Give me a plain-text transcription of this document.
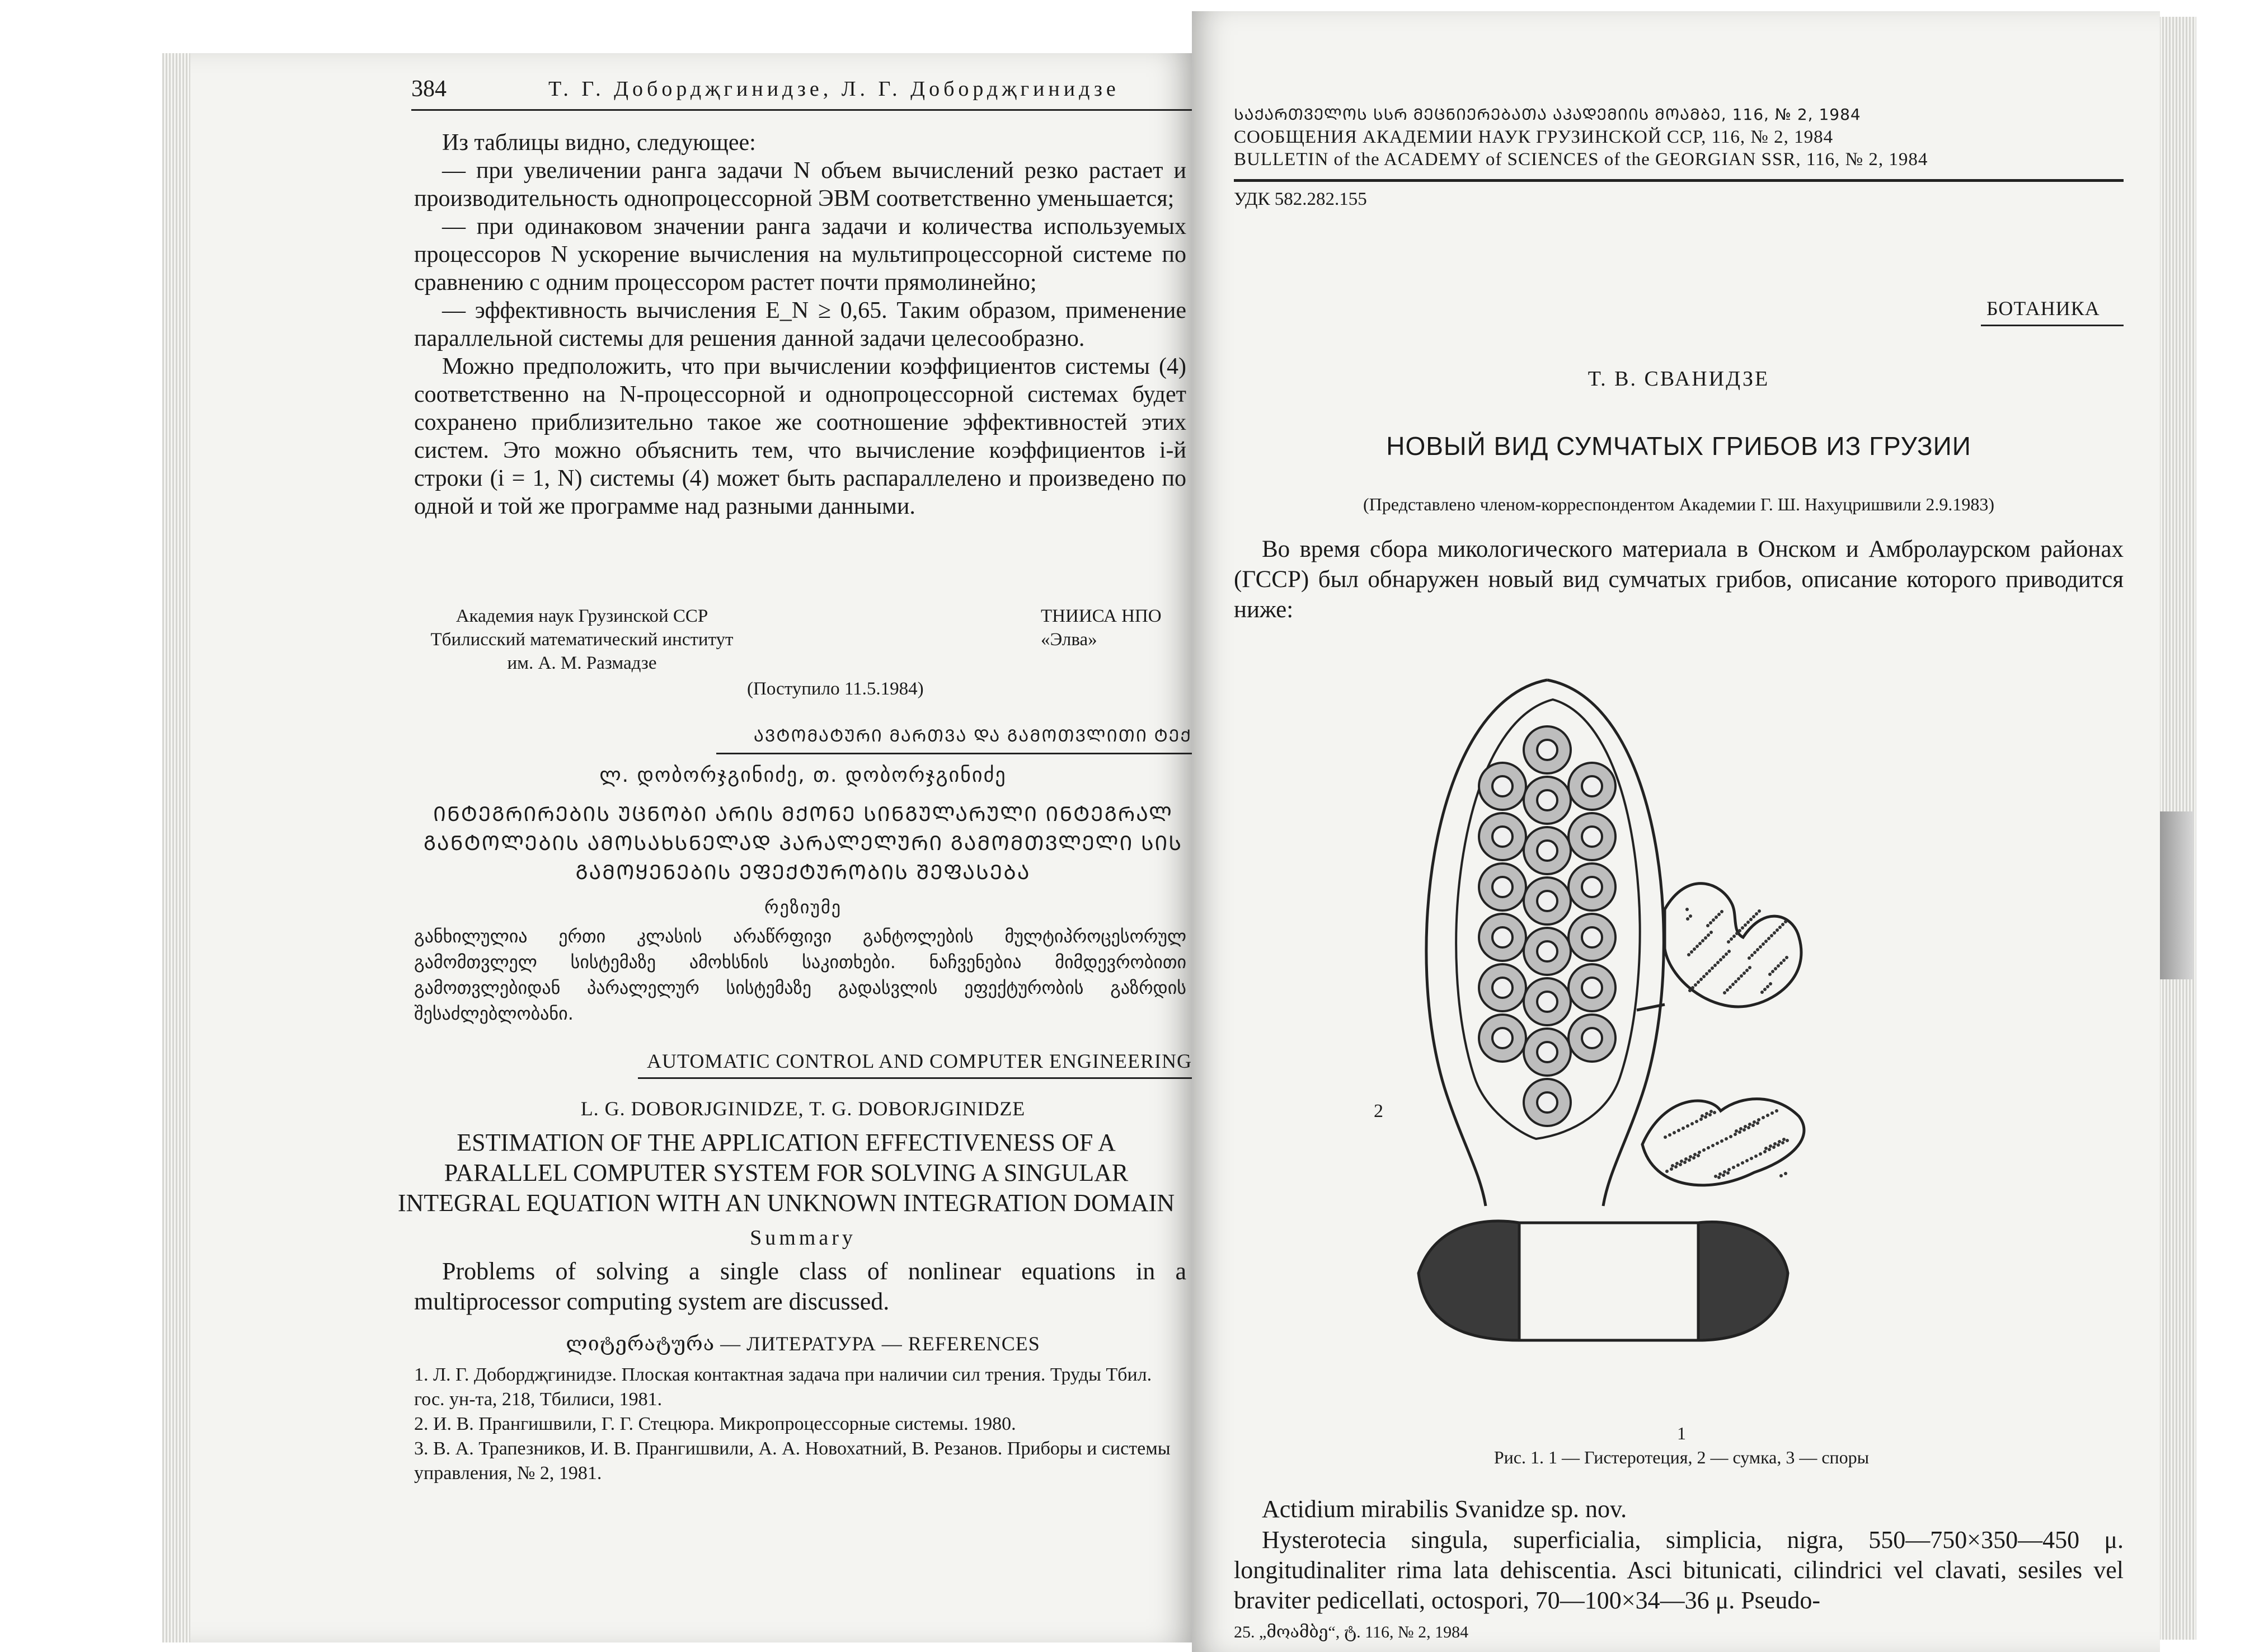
384	Т. Г. Добордҗгинидзе, Л. Г. Добордҗгинидзе

Из таблицы видно, следующее:

— при увеличении ранга задачи N объем вычислений резко растает и производительность однопроцессорной ЭВМ соответственно уменьшается;

— при одинаковом значении ранга задачи и количества используемых процессоров N ускорение вычисления на мультипроцессорной системе по сравнению с одним процессором растет почти прямолинейно;

— эффективность вычисления E_N ≥ 0,65. Таким образом, применение параллельной системы для решения данной задачи целесообразно.

Можно предположить, что при вычислении коэффициентов системы (4) соответственно на N-процессорной и однопроцессорной системах будет сохранено приблизительно такое же соотношение эффективностей этих систем. Это можно объяснить тем, что вычисление коэффициентов i-й строки (i = 1, N) системы (4) может быть распараллелено и произведено по одной и той же программе над разными данными.

Академия наук Грузинской ССР
Тбилисский математический институт
им. А. М. Размадзе
ТНИИСА НПО «Элва»
(Поступило 11.5.1984)
ᲐᲕᲢᲝᲛᲐᲢᲣᲠᲘ ᲛᲐᲠᲗᲕᲐ ᲓᲐ ᲒᲐᲛᲝᲗᲕᲚᲘᲗᲘ ᲢᲔᲥ
ლ. დობორჯგინიძე, თ. დობორჯგინიძე
ᲘᲜᲢᲔᲒᲠᲘᲠᲔᲑᲘᲡ ᲣᲪᲜᲝᲑᲘ ᲐᲠᲘᲡ ᲛᲥᲝᲜᲔ ᲡᲘᲜᲒᲣᲚᲐᲠᲣᲚᲘ ᲘᲜᲢᲔᲒᲠᲐᲚ
ᲒᲐᲜᲢᲝᲚᲔᲑᲘᲡ ᲐᲛᲝᲡᲐᲮᲡᲜᲔᲚᲐᲓ ᲞᲐᲠᲐᲚᲔᲚᲣᲠᲘ ᲒᲐᲛᲝᲛᲗᲕᲚᲔᲚᲘ ᲡᲘᲡ
ᲒᲐᲛᲝᲧᲔᲜᲔᲑᲘᲡ ᲔᲤᲔᲥᲢᲣᲠᲝᲑᲘᲡ ᲨᲔᲤᲐᲡᲔᲑᲐ
რეზიუმე
განხილულია ერთი კლასის არაწრფივი განტოლების მულტიპროცესორულ გამომთვლელ სისტემაზე ამოხსნის საკითხები. ნაჩვენებია მიმდევრობითი გამოთვლებიდან პარალელურ სისტემაზე გადასვლის ეფექტურობის გაზრდის შესაძლებლობანი.
AUTOMATIC CONTROL AND COMPUTER ENGINEERING
L. G. DOBORJGINIDZE, T. G. DOBORJGINIDZE
ESTIMATION OF THE APPLICATION EFFECTIVENESS OF A
PARALLEL COMPUTER SYSTEM FOR SOLVING A SINGULAR
INTEGRAL EQUATION WITH AN UNKNOWN INTEGRATION DOMAIN
Summary
Problems of solving a single class of nonlinear equations in a multiprocessor computing system are discussed.
ლიტერატურა — ЛИТЕРАТУРА — REFERENCES

1. Л. Г. Добордҗгинидзе. Плоская контактная задача при наличии сил трения. Труды Тбил. гос. ун-та, 218, Тбилиси, 1981.

2. И. В. Прангишвили, Г. Г. Стецюра. Микропроцессорные системы. 1980.

3. В. А. Трапезников, И. В. Прангишвили, А. А. Новохатний, В. Резанов. Приборы и системы управления, № 2, 1981.

ᲡᲐᲥᲐᲠᲗᲕᲔᲚᲝᲡ ᲡᲡᲠ ᲛᲔᲪᲜᲘᲔᲠᲔᲑᲐᲗᲐ ᲐᲙᲐᲓᲔᲛᲘᲘᲡ ᲛᲝᲐᲛᲑᲔ, 116, № 2, 1984
СООБЩЕНИЯ АКАДЕМИИ НАУК ГРУЗИНСКОЙ ССР, 116, № 2, 1984
BULLETIN of the ACADEMY of SCIENCES of the GEORGIAN SSR, 116, № 2, 1984
УДК 582.282.155
БОТАНИКА
Т. В. СВАНИДЗЕ
НОВЫЙ ВИД СУМЧАТЫХ ГРИБОВ ИЗ ГРУЗИИ
(Представлено членом-корреспондентом Академии Г. Ш. Нахуцришвили 2.9.1983)
Во время сбора микологического материала в Онском и Амбролаурском районах (ГССР) был обнаружен новый вид сумчатых грибов, описание которого приводится ниже:
1
2
Рис. 1. 1 — Гистеротеция, 2 — сумка, 3 — споры
Actidium mirabilis Svanidze sp. nov.
Hysterotecia singula, superficialia, simplicia, nigra, 550—750×350—450 μ. longitudinaliter rima lata dehiscentia. Asci bitunicati, cilindrici vel clavati, sesiles vel braviter pedicellati, octospori, 70—100×34—36 μ. Pseudo-
25. „მოამბე“, ტ. 116, № 2, 1984
